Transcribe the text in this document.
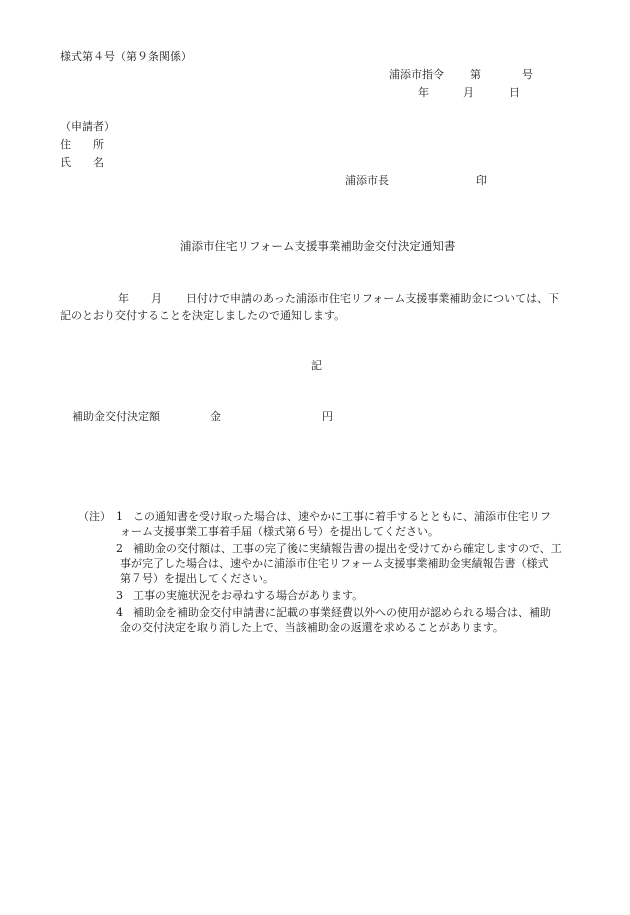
様式第４号（第９条関係）
浦添市指令 第	号
年	月	日
（申請者）
住　　所
氏　　名
浦添市長	印
浦添市住宅リフォーム支援事業補助金交付決定通知書
年 月 日付けで申請のあった浦添市住宅リフォーム支援事業補助金については、下
記のとおり交付することを決定しましたので通知します。
記
補助金交付決定額	金	円
（注） 1 この通知書を受け取った場合は、速やかに工事に着手するとともに、浦添市住宅リフ
ォーム支援事業工事着手届（様式第６号）を提出してください。
2 補助金の交付額は、工事の完了後に実績報告書の提出を受けてから確定しますので、工
事が完了した場合は、速やかに浦添市住宅リフォーム支援事業補助金実績報告書（様式
第７号）を提出してください。
3 工事の実施状況をお尋ねする場合があります。
4 補助金を補助金交付申請書に記載の事業経費以外への使用が認められる場合は、補助
金の交付決定を取り消した上で、当該補助金の返還を求めることがあります。
